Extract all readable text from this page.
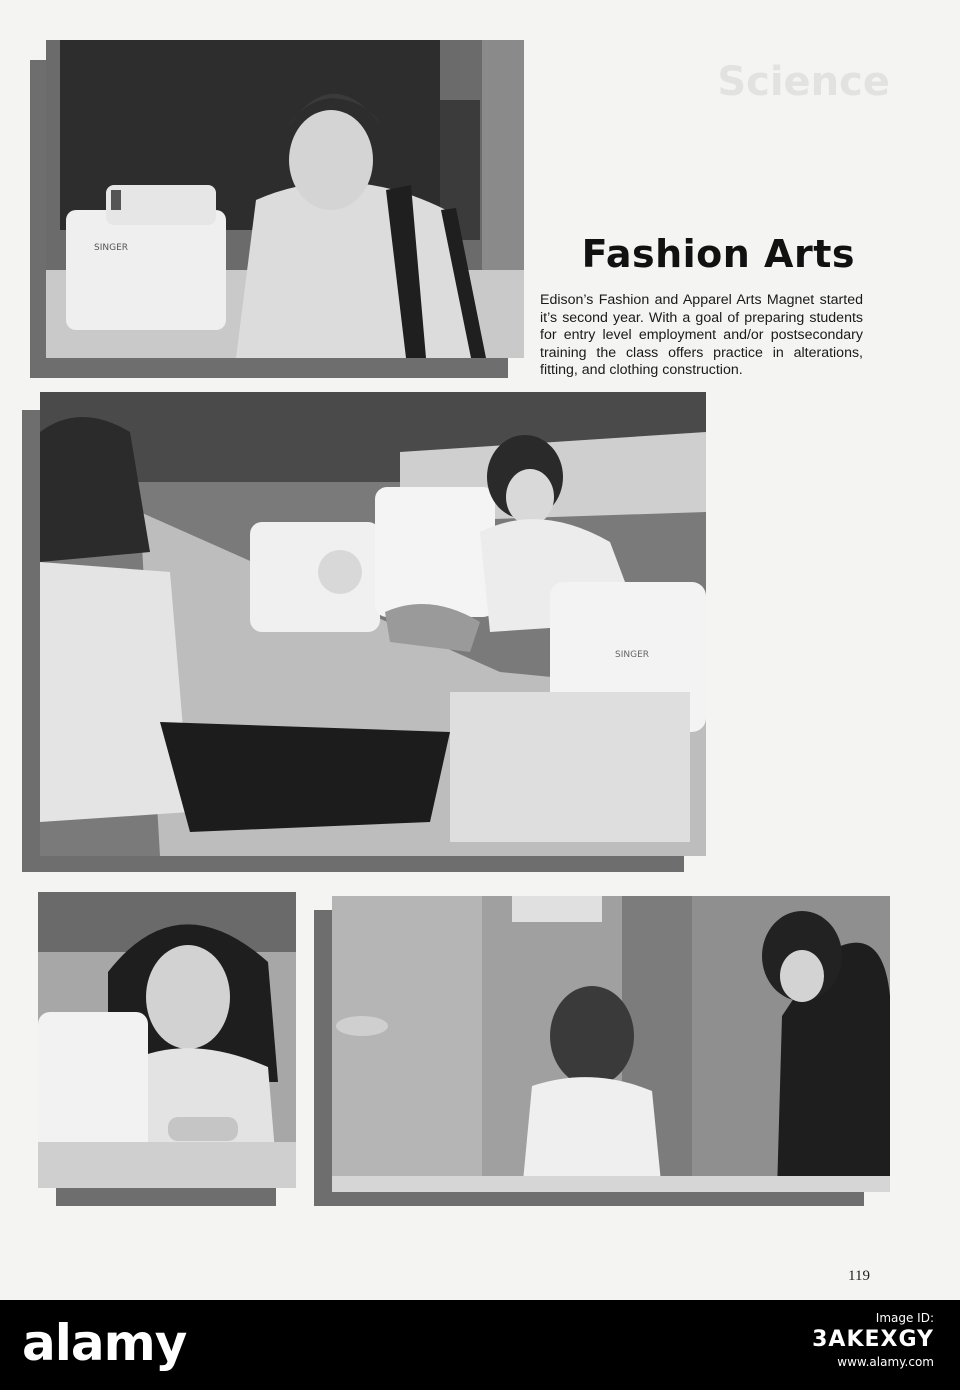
Science
SINGER
SINGER
Fashion Arts

Edison’s Fashion and Apparel Arts Magnet started it’s second year. With a goal of preparing students for entry level employment and/or postsecondary training the class offers practice in alterations, fitting, and clothing construction.

119
alamy	Image ID:
3AKEXGY
www.alamy.com
